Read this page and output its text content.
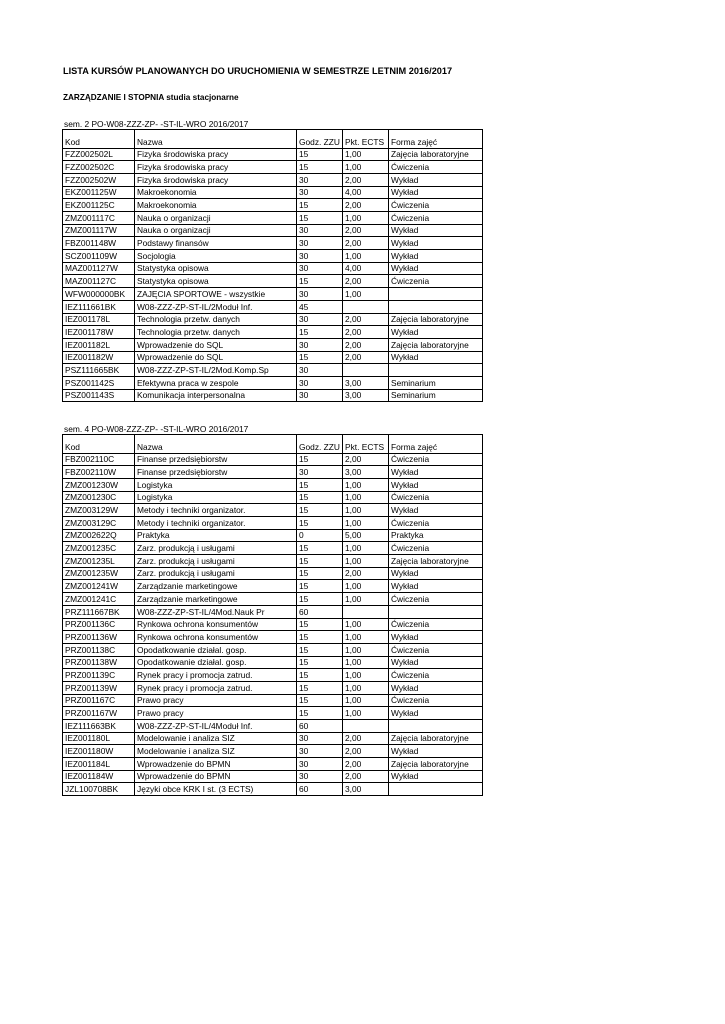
LISTA KURSÓW PLANOWANYCH DO URUCHOMIENIA W SEMESTRZE LETNIM 2016/2017
ZARZĄDZANIE I STOPNIA studia stacjonarne
sem. 2 PO-W08-ZZZ-ZP- -ST-IL-WRO 2016/2017
Kod	Nazwa	Godz. ZZU	Pkt. ECTS	Forma zajęć
FZZ002502L	Fizyka środowiska pracy	15	1,00	Zajęcia laboratoryjne
FZZ002502C	Fizyka środowiska pracy	15	1,00	Ćwiczenia
FZZ002502W	Fizyka środowiska pracy	30	2,00	Wykład
EKZ001125W	Makroekonomia	30	4,00	Wykład
EKZ001125C	Makroekonomia	15	2,00	Ćwiczenia
ZMZ001117C	Nauka o organizacji	15	1,00	Ćwiczenia
ZMZ001117W	Nauka o organizacji	30	2,00	Wykład
FBZ001148W	Podstawy finansów	30	2,00	Wykład
SCZ001109W	Socjologia	30	1,00	Wykład
MAZ001127W	Statystyka opisowa	30	4,00	Wykład
MAZ001127C	Statystyka opisowa	15	2,00	Ćwiczenia
WFW000000BK	ZAJĘCIA SPORTOWE - wszystkie	30	1,00	
IEZ111661BK	W08-ZZZ-ZP-ST-IL/2Moduł Inf.	45		
IEZ001178L	Technologia przetw. danych	30	2,00	Zajęcia laboratoryjne
IEZ001178W	Technologia przetw. danych	15	2,00	Wykład
IEZ001182L	Wprowadzenie do SQL	30	2,00	Zajęcia laboratoryjne
IEZ001182W	Wprowadzenie do SQL	15	2,00	Wykład
PSZ111665BK	W08-ZZZ-ZP-ST-IL/2Mod.Komp.Sp	30		
PSZ001142S	Efektywna praca w zespole	30	3,00	Seminarium
PSZ001143S	Komunikacja interpersonalna	30	3,00	Seminarium
sem. 4 PO-W08-ZZZ-ZP- -ST-IL-WRO 2016/2017
Kod	Nazwa	Godz. ZZU	Pkt. ECTS	Forma zajęć
FBZ002110C	Finanse przedsiębiorstw	15	2,00	Ćwiczenia
FBZ002110W	Finanse przedsiębiorstw	30	3,00	Wykład
ZMZ001230W	Logistyka	15	1,00	Wykład
ZMZ001230C	Logistyka	15	1,00	Ćwiczenia
ZMZ003129W	Metody i techniki organizator.	15	1,00	Wykład
ZMZ003129C	Metody i techniki organizator.	15	1,00	Ćwiczenia
ZMZ002622Q	Praktyka	0	5,00	Praktyka
ZMZ001235C	Zarz. produkcją i usługami	15	1,00	Ćwiczenia
ZMZ001235L	Zarz. produkcją i usługami	15	1,00	Zajęcia laboratoryjne
ZMZ001235W	Zarz. produkcją i usługami	15	2,00	Wykład
ZMZ001241W	Zarządzanie marketingowe	15	1,00	Wykład
ZMZ001241C	Zarządzanie marketingowe	15	1,00	Ćwiczenia
PRZ111667BK	W08-ZZZ-ZP-ST-IL/4Mod.Nauk Pr	60		
PRZ001136C	Rynkowa ochrona konsumentów	15	1,00	Ćwiczenia
PRZ001136W	Rynkowa ochrona konsumentów	15	1,00	Wykład
PRZ001138C	Opodatkowanie działal. gosp.	15	1,00	Ćwiczenia
PRZ001138W	Opodatkowanie działal. gosp.	15	1,00	Wykład
PRZ001139C	Rynek pracy i promocja zatrud.	15	1,00	Ćwiczenia
PRZ001139W	Rynek pracy i promocja zatrud.	15	1,00	Wykład
PRZ001167C	Prawo pracy	15	1,00	Ćwiczenia
PRZ001167W	Prawo pracy	15	1,00	Wykład
IEZ111663BK	W08-ZZZ-ZP-ST-IL/4Moduł Inf.	60		
IEZ001180L	Modelowanie i analiza SIZ	30	2,00	Zajęcia laboratoryjne
IEZ001180W	Modelowanie i analiza SIZ	30	2,00	Wykład
IEZ001184L	Wprowadzenie do BPMN	30	2,00	Zajęcia laboratoryjne
IEZ001184W	Wprowadzenie do BPMN	30	2,00	Wykład
JZL100708BK	Języki obce KRK I st. (3 ECTS)	60	3,00	
